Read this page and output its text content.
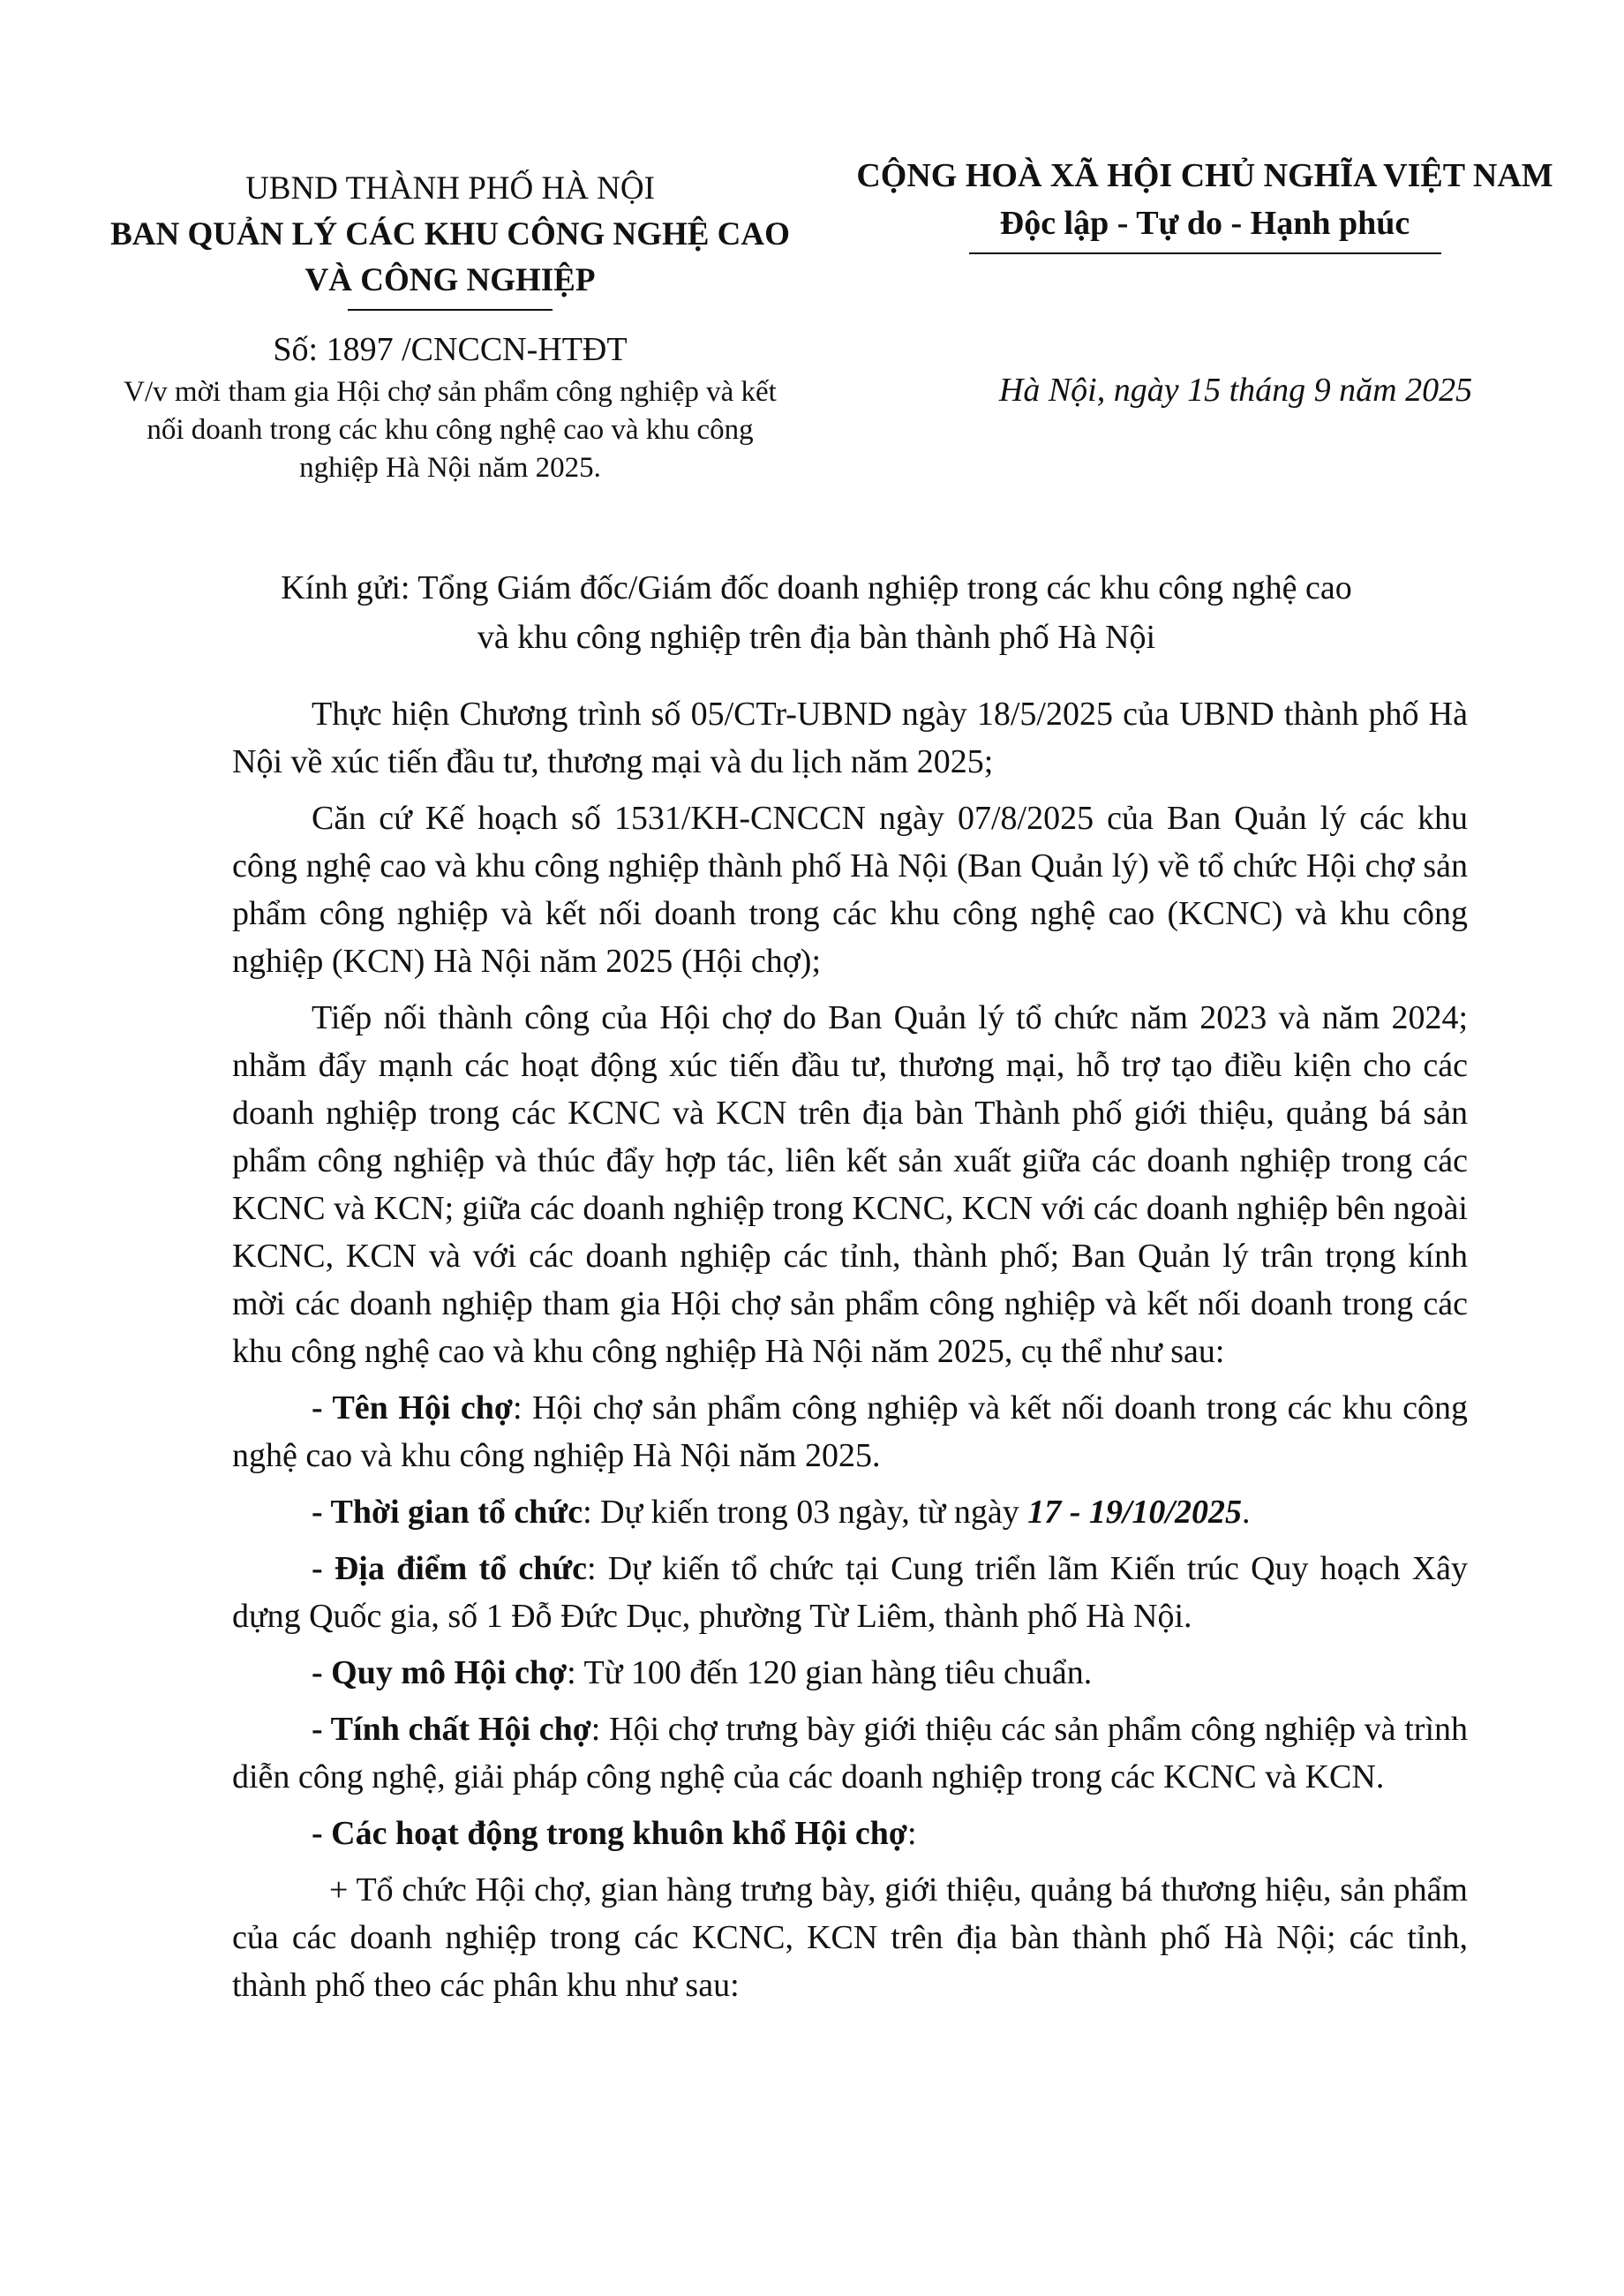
UBND THÀNH PHỐ HÀ NỘI
BAN QUẢN LÝ CÁC KHU CÔNG NGHỆ CAO
VÀ CÔNG NGHIỆP
Số: 1897 /CNCCN-HTĐT
V/v mời tham gia Hội chợ sản phẩm công nghiệp và kết
nối doanh trong các khu công nghệ cao và khu công
nghiệp Hà Nội năm 2025.
CỘNG HOÀ XÃ HỘI CHỦ NGHĨA VIỆT NAM
Độc lập - Tự do - Hạnh phúc
Hà Nội, ngày 15 tháng 9 năm 2025
Kính gửi: Tổng Giám đốc/Giám đốc doanh nghiệp trong các khu công nghệ cao
và khu công nghiệp trên địa bàn thành phố Hà Nội

Thực hiện Chương trình số 05/CTr-UBND ngày 18/5/2025 của UBND thành phố Hà Nội về xúc tiến đầu tư, thương mại và du lịch năm 2025;

Căn cứ Kế hoạch số 1531/KH-CNCCN ngày 07/8/2025 của Ban Quản lý các khu công nghệ cao và khu công nghiệp thành phố Hà Nội (Ban Quản lý) về tổ chức Hội chợ sản phẩm công nghiệp và kết nối doanh trong các khu công nghệ cao (KCNC) và khu công nghiệp (KCN) Hà Nội năm 2025 (Hội chợ);

Tiếp nối thành công của Hội chợ do Ban Quản lý tổ chức năm 2023 và năm 2024; nhằm đẩy mạnh các hoạt động xúc tiến đầu tư, thương mại, hỗ trợ tạo điều kiện cho các doanh nghiệp trong các KCNC và KCN trên địa bàn Thành phố giới thiệu, quảng bá sản phẩm công nghiệp và thúc đẩy hợp tác, liên kết sản xuất giữa các doanh nghiệp trong các KCNC và KCN; giữa các doanh nghiệp trong KCNC, KCN với các doanh nghiệp bên ngoài KCNC, KCN và với các doanh nghiệp các tỉnh, thành phố; Ban Quản lý trân trọng kính mời các doanh nghiệp tham gia Hội chợ sản phẩm công nghiệp và kết nối doanh trong các khu công nghệ cao và khu công nghiệp Hà Nội năm 2025, cụ thể như sau:

- Tên Hội chợ: Hội chợ sản phẩm công nghiệp và kết nối doanh trong các khu công nghệ cao và khu công nghiệp Hà Nội năm 2025.

- Thời gian tổ chức: Dự kiến trong 03 ngày, từ ngày 17 - 19/10/2025.

- Địa điểm tổ chức: Dự kiến tổ chức tại Cung triển lãm Kiến trúc Quy hoạch Xây dựng Quốc gia, số 1 Đỗ Đức Dục, phường Từ Liêm, thành phố Hà Nội.

- Quy mô Hội chợ: Từ 100 đến 120 gian hàng tiêu chuẩn.

- Tính chất Hội chợ: Hội chợ trưng bày giới thiệu các sản phẩm công nghiệp và trình diễn công nghệ, giải pháp công nghệ của các doanh nghiệp trong các KCNC và KCN.

- Các hoạt động trong khuôn khổ Hội chợ:

+ Tổ chức Hội chợ, gian hàng trưng bày, giới thiệu, quảng bá thương hiệu, sản phẩm của các doanh nghiệp trong các KCNC, KCN trên địa bàn thành phố Hà Nội; các tỉnh, thành phố theo các phân khu như sau:
